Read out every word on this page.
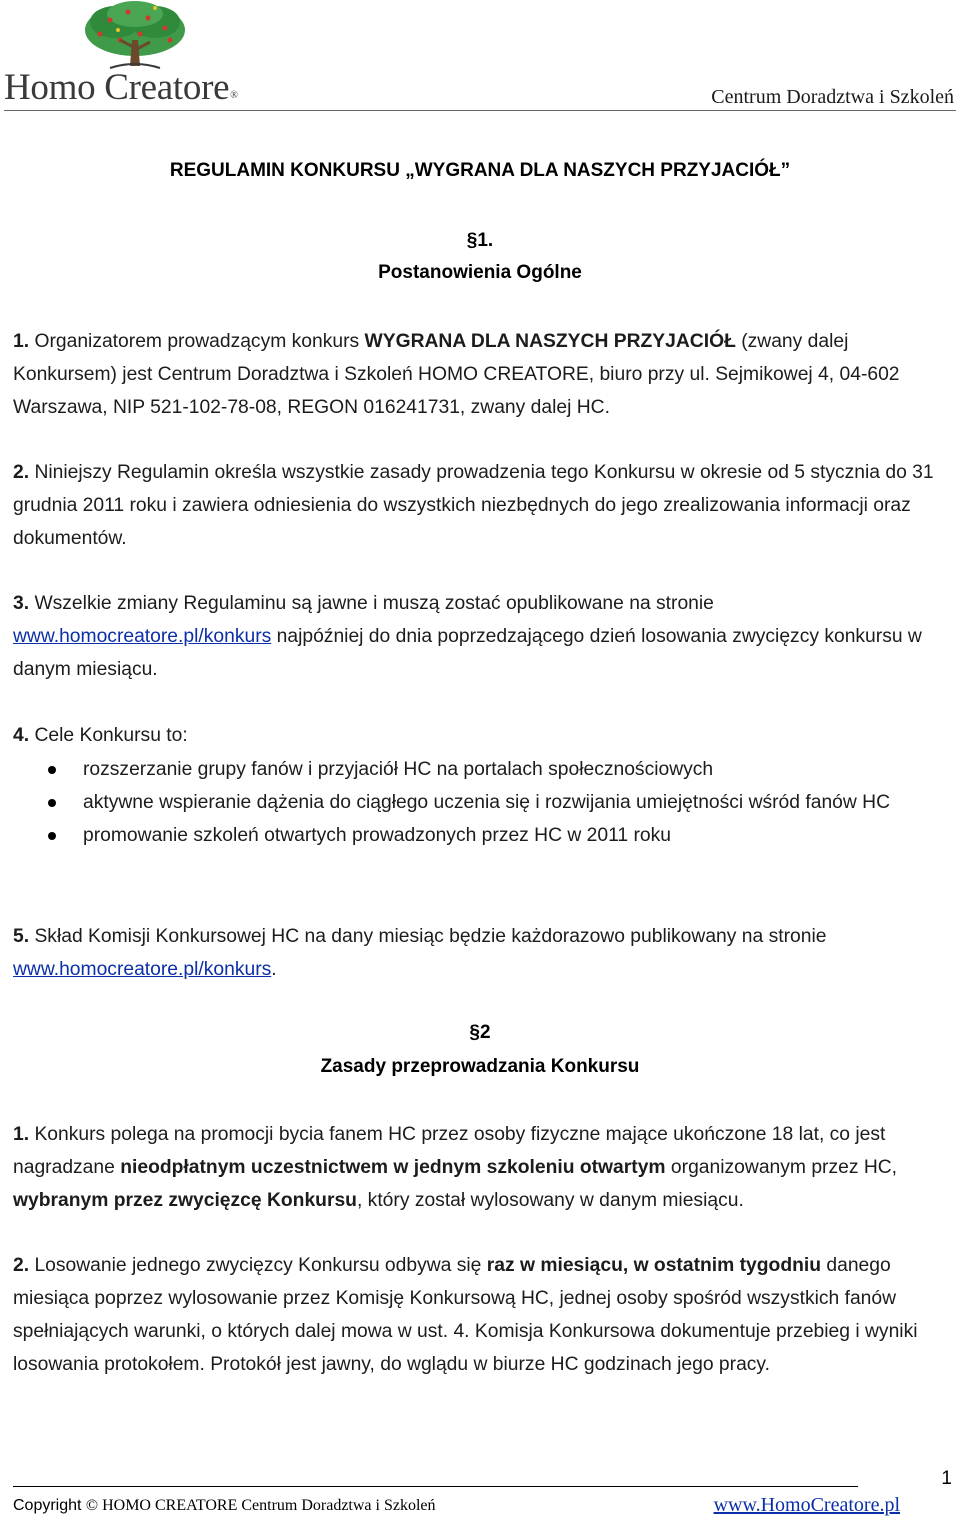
Homo Creatore®	Centrum Doradztwa i Szkoleń
REGULAMIN KONKURSU „WYGRANA DLA NASZYCH PRZYJACIÓŁ”
§1.
Postanowienia Ogólne
1. Organizatorem prowadzącym konkurs WYGRANA DLA NASZYCH PRZYJACIÓŁ (zwany dalej Konkursem) jest Centrum Doradztwa i Szkoleń HOMO CREATORE, biuro przy ul. Sejmikowej 4, 04-602 Warszawa, NIP 521-102-78-08, REGON 016241731, zwany dalej HC.
2. Niniejszy Regulamin określa wszystkie zasady prowadzenia tego Konkursu w okresie od 5 stycznia do 31 grudnia 2011 roku i zawiera odniesienia do wszystkich niezbędnych do jego zrealizowania informacji oraz dokumentów.
3. Wszelkie zmiany Regulaminu są jawne i muszą zostać opublikowane na stronie www.homocreatore.pl/konkurs najpóźniej do dnia poprzedzającego dzień losowania zwycięzcy konkursu w danym miesiącu.
4. Cele Konkursu to:
rozszerzanie grupy fanów i przyjaciół HC na portalach społecznościowych
aktywne wspieranie dążenia do ciągłego uczenia się i rozwijania umiejętności wśród fanów HC
promowanie szkoleń otwartych prowadzonych przez HC w 2011 roku
5. Skład Komisji Konkursowej HC na dany miesiąc będzie każdorazowo publikowany na stronie www.homocreatore.pl/konkurs.
§2
Zasady przeprowadzania Konkursu
1. Konkurs polega na promocji bycia fanem HC przez osoby fizyczne mające ukończone 18 lat, co jest nagradzane nieodpłatnym uczestnictwem w jednym szkoleniu otwartym organizowanym przez HC, wybranym przez zwycięzcę Konkursu, który został wylosowany w danym miesiącu.
2. Losowanie jednego zwycięzcy Konkursu odbywa się raz w miesiącu, w ostatnim tygodniu danego miesiąca poprzez wylosowanie przez Komisję Konkursową HC, jednej osoby spośród wszystkich fanów spełniających warunki, o których dalej mowa w ust. 4. Komisja Konkursowa dokumentuje przebieg i wyniki losowania protokołem. Protokół jest jawny, do wglądu w biurze HC godzinach jego pracy.
1
Copyright © HOMO CREATORE Centrum Doradztwa i Szkoleń	www.HomoCreatore.pl
